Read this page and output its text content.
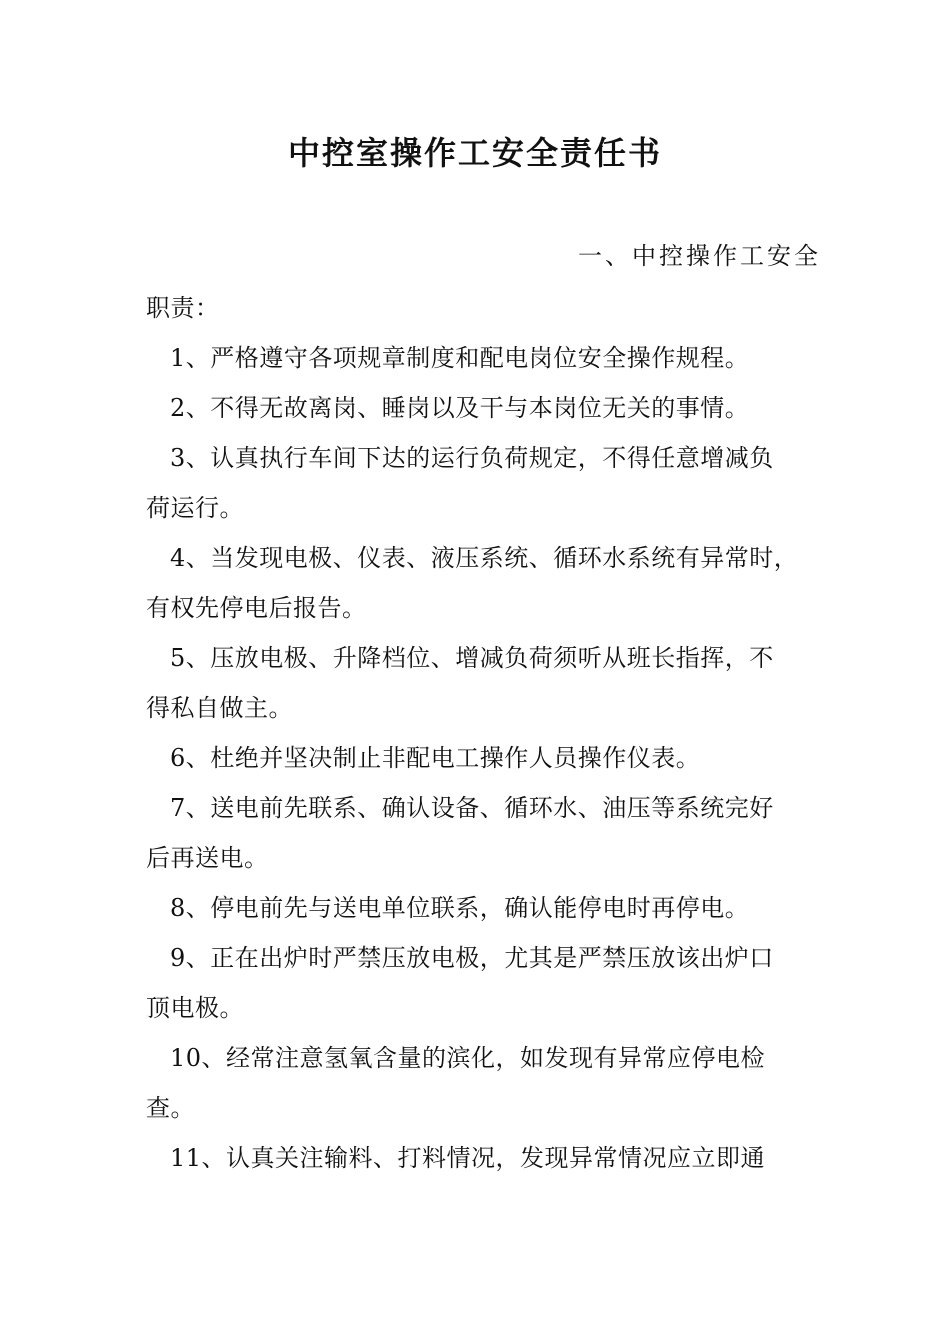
中控室操作工安全责任书
一、中控操作工安全
职责：
1、严格遵守各项规章制度和配电岗位安全操作规程。
2、不得无故离岗、睡岗以及干与本岗位无关的事情。
3、认真执行车间下达的运行负荷规定，不得任意增减负
荷运行。
4、当发现电极、仪表、液压系统、循环水系统有异常时，
有权先停电后报告。
5、压放电极、升降档位、增减负荷须听从班长指挥，不
得私自做主。
6、杜绝并坚决制止非配电工操作人员操作仪表。
7、送电前先联系、确认设备、循环水、油压等系统完好
后再送电。
8、停电前先与送电单位联系，确认能停电时再停电。
9、正在出炉时严禁压放电极，尤其是严禁压放该出炉口
顶电极。
10、经常注意氢氧含量的滨化，如发现有异常应停电检
查。
11、认真关注输料、打料情况，发现异常情况应立即通
